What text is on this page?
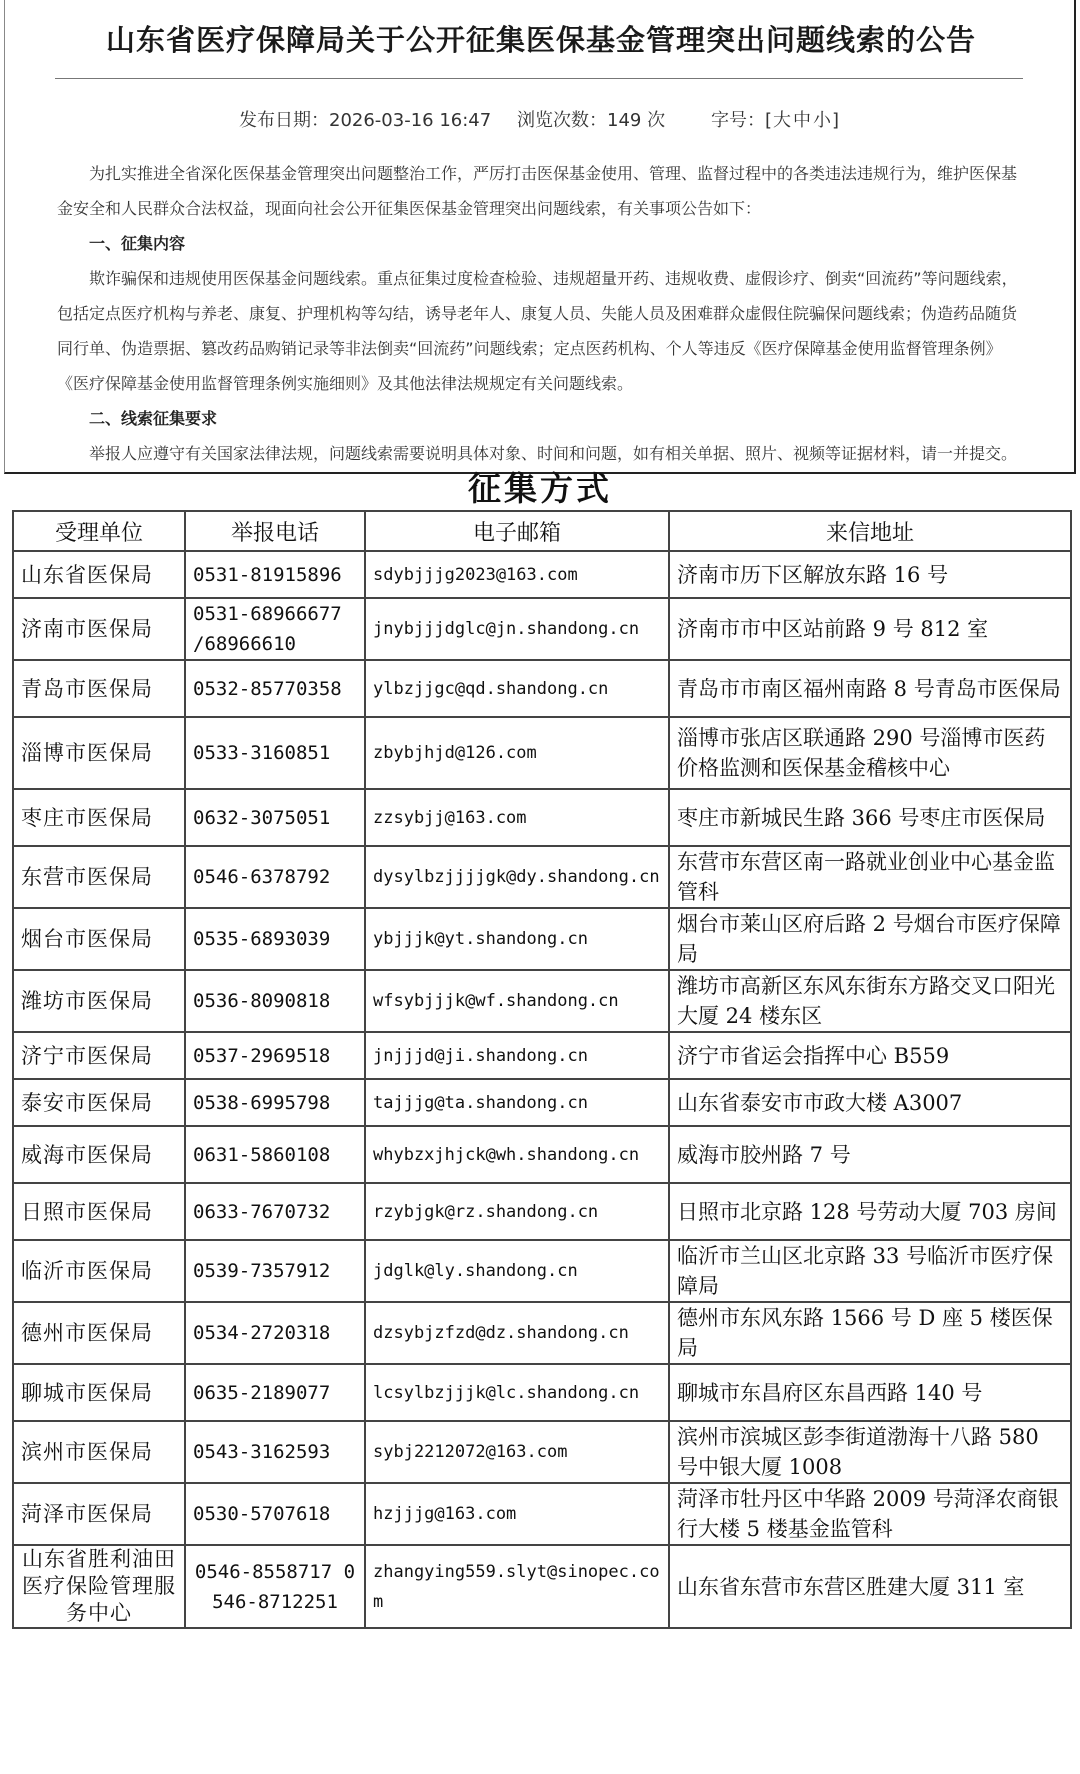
山东省医疗保障局关于公开征集医保基金管理突出问题线索的公告
发布日期：2026-03-16 16:47 浏览次数：149 次	字号：[大 中 小]

为扎实推进全省深化医保基金管理突出问题整治工作，严厉打击医保基金使用、管理、监督过程中的各类违法违规行为，维护医保基金安全和人民群众合法权益，现面向社会公开征集医保基金管理突出问题线索，有关事项公告如下：

一、征集内容

欺诈骗保和违规使用医保基金问题线索。重点征集过度检查检验、违规超量开药、违规收费、虚假诊疗、倒卖“回流药”等问题线索，包括定点医疗机构与养老、康复、护理机构等勾结，诱导老年人、康复人员、失能人员及困难群众虚假住院骗保问题线索；伪造药品随货同行单、伪造票据、篡改药品购销记录等非法倒卖“回流药”问题线索；定点医药机构、个人等违反《医疗保障基金使用监督管理条例》《医疗保障基金使用监督管理条例实施细则》及其他法律法规规定有关问题线索。

二、线索征集要求

举报人应遵守有关国家法律法规，问题线索需要说明具体对象、时间和问题，如有相关单据、照片、视频等证据材料，请一并提交。

征集方式
受理单位	举报电话	电子邮箱	来信地址
山东省医保局	0531-81915896	sdybjjjg2023@163.com	济南市历下区解放东路 16 号
济南市医保局	0531-68966677 /68966610	jnybjjjdglc@jn.shandong.cn	济南市市中区站前路 9 号 812 室
青岛市医保局	0532-85770358	ylbzjjgc@qd.shandong.cn	青岛市市南区福州南路 8 号青岛市医保局
淄博市医保局	0533-3160851	zbybjhjd@126.com	淄博市张店区联通路 290 号淄博市医药价格监测和医保基金稽核中心
枣庄市医保局	0632-3075051	zzsybjj@163.com	枣庄市新城民生路 366 号枣庄市医保局
东营市医保局	0546-6378792	dysylbzjjjjgk@dy.shandong.cn	东营市东营区南一路就业创业中心基金监管科
烟台市医保局	0535-6893039	ybjjjk@yt.shandong.cn	烟台市莱山区府后路 2 号烟台市医疗保障局
潍坊市医保局	0536-8090818	wfsybjjjk@wf.shandong.cn	潍坊市高新区东风东街东方路交叉口阳光大厦 24 楼东区
济宁市医保局	0537-2969518	jnjjjd@ji.shandong.cn	济宁市省运会指挥中心 B559
泰安市医保局	0538-6995798	tajjjg@ta.shandong.cn	山东省泰安市市政大楼 A3007
威海市医保局	0631-5860108	whybzxjhjck@wh.shandong.cn	威海市胶州路 7 号
日照市医保局	0633-7670732	rzybjgk@rz.shandong.cn	日照市北京路 128 号劳动大厦 703 房间
临沂市医保局	0539-7357912	jdglk@ly.shandong.cn	临沂市兰山区北京路 33 号临沂市医疗保障局
德州市医保局	0534-2720318	dzsybjzfzd@dz.shandong.cn	德州市东风东路 1566 号 D 座 5 楼医保局
聊城市医保局	0635-2189077	lcsylbzjjjk@lc.shandong.cn	聊城市东昌府区东昌西路 140 号
滨州市医保局	0543-3162593	sybj2212072@163.com	滨州市滨城区彭李街道渤海十八路 580 号中银大厦 1008
菏泽市医保局	0530-5707618	hzjjjg@163.com	菏泽市牡丹区中华路 2009 号菏泽农商银行大楼 5 楼基金监管科
山东省胜利油田医疗保险管理服务中心	0546-8558717 0546-8712251	zhangying559.slyt@sinopec.com	山东省东营市东营区胜建大厦 311 室
